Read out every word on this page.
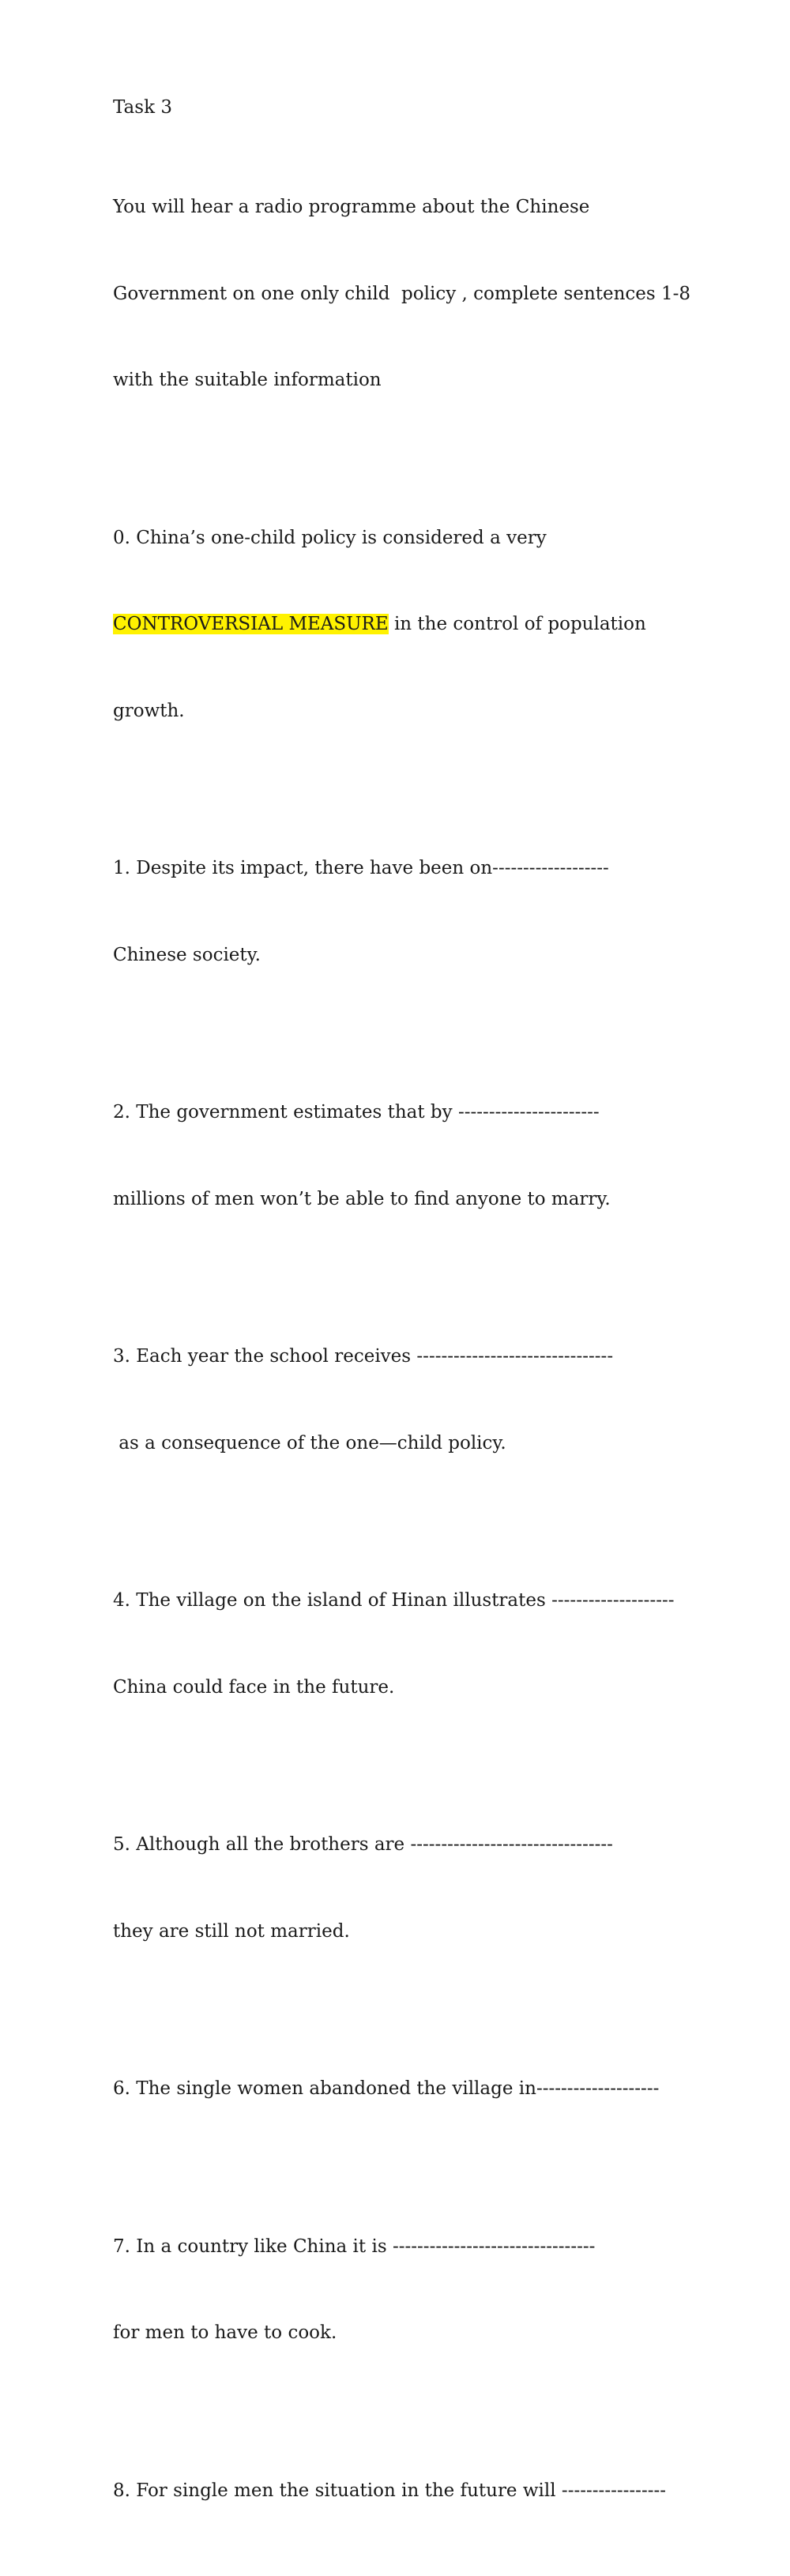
Task 3

You will hear a radio programme about the Chinese

Government on one only child  policy , complete sentences 1-8

with the suitable information

0. China’s one-child policy is considered a very

CONTROVERSIAL MEASURE in the control of population

growth.

1. Despite its impact, there have been on-------------------

Chinese society.

2. The government estimates that by -----------------------

millions of men won’t be able to find anyone to marry.

3. Each year the school receives --------------------------------

as a consequence of the one—child policy.

4. The village on the island of Hinan illustrates --------------------

China could face in the future.

5. Although all the brothers are ---------------------------------

they are still not married.

6. The single women abandoned the village in--------------------

7. In a country like China it is ---------------------------------

for men to have to cook.

8. For single men the situation in the future will -----------------
